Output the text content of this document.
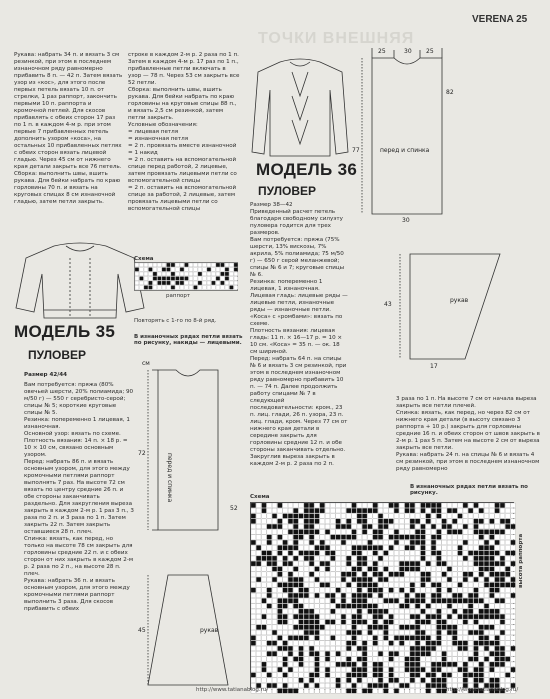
ТОЧКИ ВНЕШНЯЯ
VERENA 25
Рукава: набрать 34 п. и вязать 3 см резинкой, при этом в последнем изнаночном ряду равномерно прибавить 8 п. — 42 п. Затем вязать узор из «кос», для этого после первых петель вязать 10 п. от стрелки, 1 раз раппорт, закончить первыми 10 п. раппорта и кромочной петлей. Для скосов прибавлять с обеих сторон 17 раз по 1 п. в каждом 4-м р. при этом первые 7 прибавленных петель дополнить узором «коса», на остальных 10 прибавленных петлях с обеих сторон вязать лицевой гладью. Через 45 см от нижнего края детали закрыть все 76 петель.
Сборка: выполнить швы, вшить рукава. Для бейки набрать по краю горловины 70 п. и вязать на круговых спицах 8 см изнаночной гладью, затем петли закрыть.
строке в каждом 2-м р. 2 раза по 1 п. Затем в каждом 4-м р. 17 раз по 1 п., прибавленные петли включать в узор — 78 п. Через 53 см закрыть все 52 петли.
Сборка: выполнить швы, вшить рукава. Для бейки набрать по краю горловины на круговые спицы 88 п., и вязать 2,5 см резинкой, затем петли закрыть.
Условные обозначения:
= лицевая петля
= изнаночная петля
= 2 п. провязать вместе изнаночной
= 1 накид
= 2 п. оставить на вспомогательной спице перед работой, 2 лицевые, затем провязать лицевыми петли со вспомогательной спицы
= 2 п. оставить на вспомогательной спице за работой, 2 лицевые, затем провязать лицевыми петли со вспомогательной спицы
Схема
раппорт
Повторять с 1-го по 8-й ряд.
МОДЕЛЬ 35
ПУЛОВЕР
Размер 42/44
Вам потребуется: пряжа (80% овечьей шерсти, 20% полиамида; 90 м/50 г) — 550 г серебристо-серой; спицы № 5; короткие круговые спицы № 5.
Резинка: попеременно 1 лицевая, 1 изнаночная.
Основной узор: вязать по схеме.
Плотность вязания: 14 п. × 18 р. = 10 × 10 см, связано основным узором.
Перед: набрать 86 п. и вязать основным узором, для этого между кромочными петлями раппорт выполнять 7 раз. На высоте 72 см вязать по центру средние 26 п. и обе стороны заканчивать раздельно. Для закругления выреза закрыть в каждом 2-м р. 1 раз 3 п., 3 раза по 2 п. и 3 раза по 1 п. Затем закрыть 22 п. Затем закрыть оставшиеся 28 п. плеч.
Спинка: вязать, как перед, но только на высоте 78 см закрыть для горловины средние 22 п. и с обеих сторон от них закрыть в каждом 2-м р. 2 раза по 2 п., на высоте 28 п. плеч.
Рукава: набрать 36 п. и вязать основным узором, для этого между кромочными петлями раппорт выполнить 3 раза. Для скосов прибавить с обеих
В изнаночных рядах петли вязать по рисунку, накиды — лицевыми.
см
72
52
45
перед и спинка
рукав
25	30 25
77
82
30
перед и спинка
43
рукав
17
МОДЕЛЬ 36
ПУЛОВЕР
Размер 38—42
Приведенный расчет петель благодаря свободному силуэту пуловера годится для трех размеров.
Вам потребуется: пряжа (75% шерсти, 13% вискозы, 7% акрила, 5% полиамида; 75 м/50 г) — 650 г серой меланжевой; спицы № 6 и 7; круговые спицы № 6.
Резинка: попеременно 1 лицевая, 1 изнаночная.
Лицевая гладь: лицевые ряды — лицевые петли, изнаночные ряды — изнаночные петли.
«Коса» с «ромбами»: вязать по схеме.
Плотность вязания: лицевая гладь: 11 п. × 16—17 р. = 10 × 10 см. «Коса» = 35 п. — ок. 18 см шириной.
Перед: набрать 64 п. на спицы № 6 и вязать 3 см резинкой, при этом в последнем изнаночном ряду равномерно прибавить 10 п. — 74 п. Далее продолжить работу спицами № 7 в следующей последовательности: кром., 23 п. лиц. глади, 26 п. узора, 23 п. лиц. глади, кром. Через 77 см от нижнего края детали в середине закрыть для горловины средние 12 п. и обе стороны заканчивать отдельно. Закруглив выреза закрыть в каждом 2-м р. 2 раза по 2 п.
3 раза по 1 п. На высоте 7 см от начала выреза закрыть все петли плечей.
Спинка: вязать, как перед, но через 82 см от нижнего края детали (в высоту связано 3 раппорта + 10 р.) закрыть для горловины средние 16 п. и обеих сторон от швов закрыть в 2-м р. 1 раз 5 п. Затем на высоте 2 см от выреза закрыть все петли.
Рукава: набрать 24 п. на спицы № 6 и вязать 4 см резинкой, при этом в последнем изнаночном ряду равномерно
Схема
В изнаночных рядах петли вязать по рисунку.
высота раппорта
http://www.tatianablog.ru/	http://www.tatianablog.ru/
